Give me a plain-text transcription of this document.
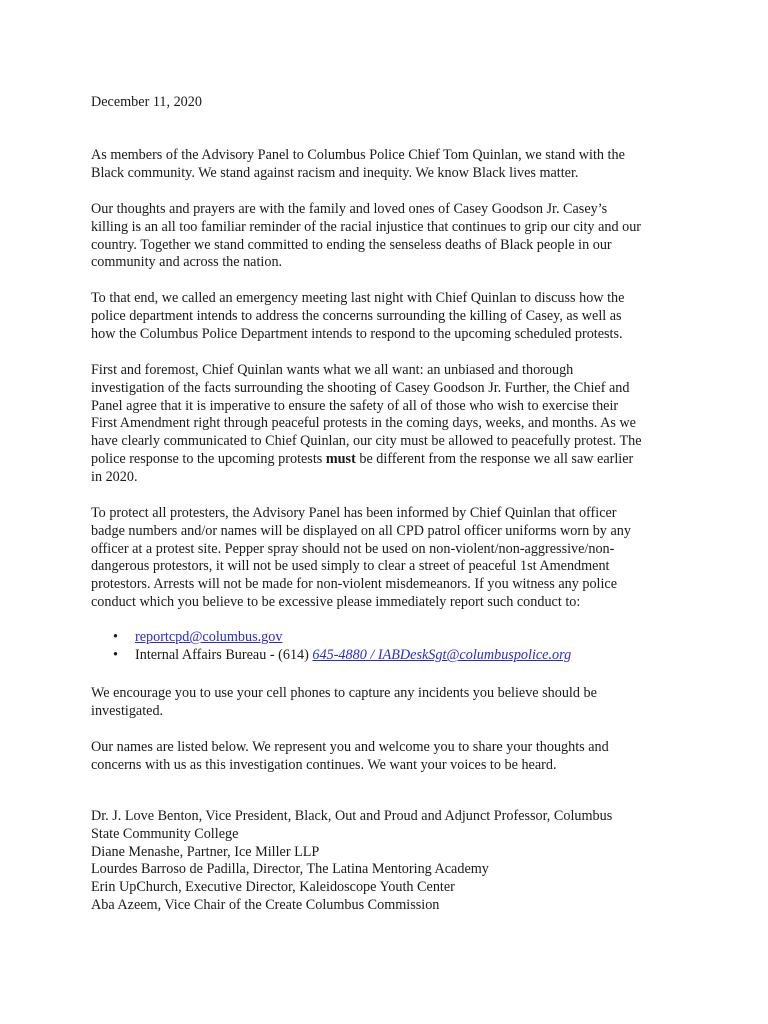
December 11, 2020

As members of the Advisory Panel to Columbus Police Chief Tom Quinlan, we stand with the
Black community. We stand against racism and inequity. We know Black lives matter.

Our thoughts and prayers are with the family and loved ones of Casey Goodson Jr. Casey’s
killing is an all too familiar reminder of the racial injustice that continues to grip our city and our
country. Together we stand committed to ending the senseless deaths of Black people in our
community and across the nation.

To that end, we called an emergency meeting last night with Chief Quinlan to discuss how the
police department intends to address the concerns surrounding the killing of Casey, as well as
how the Columbus Police Department intends to respond to the upcoming scheduled protests.

First and foremost, Chief Quinlan wants what we all want: an unbiased and thorough
investigation of the facts surrounding the shooting of Casey Goodson Jr. Further, the Chief and
Panel agree that it is imperative to ensure the safety of all of those who wish to exercise their
First Amendment right through peaceful protests in the coming days, weeks, and months. As we
have clearly communicated to Chief Quinlan, our city must be allowed to peacefully protest. The
police response to the upcoming protests must be different from the response we all saw earlier
in 2020.

To protect all protesters, the Advisory Panel has been informed by Chief Quinlan that officer
badge numbers and/or names will be displayed on all CPD patrol officer uniforms worn by any
officer at a protest site. Pepper spray should not be used on non-violent/non-aggressive/non-
dangerous protestors, it will not be used simply to clear a street of peaceful 1st Amendment
protestors. Arrests will not be made for non-violent misdemeanors. If you witness any police
conduct which you believe to be excessive please immediately report such conduct to:

• reportcpd@columbus.gov
• Internal Affairs Bureau - (614) 645-4880 / IABDeskSgt@columbuspolice.org

We encourage you to use your cell phones to capture any incidents you believe should be
investigated.

Our names are listed below. We represent you and welcome you to share your thoughts and
concerns with us as this investigation continues. We want your voices to be heard.

Dr. J. Love Benton, Vice President, Black, Out and Proud and Adjunct Professor, Columbus
State Community College
Diane Menashe, Partner, Ice Miller LLP
Lourdes Barroso de Padilla, Director, The Latina Mentoring Academy
Erin UpChurch, Executive Director, Kaleidoscope Youth Center
Aba Azeem, Vice Chair of the Create Columbus Commission
